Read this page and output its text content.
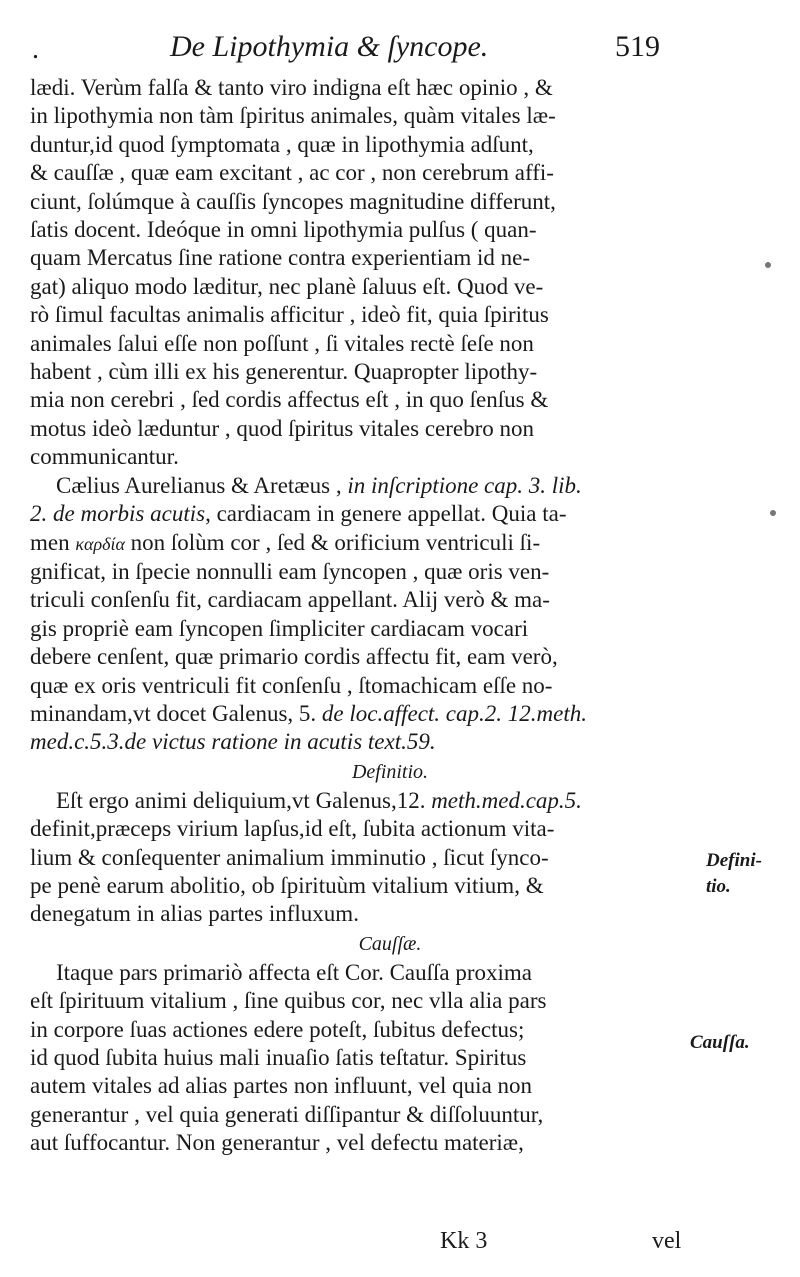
.	De Lipothymia & ſyncope.	519
lædi. Verùm falſa & tanto viro indigna eſt hæc opinio , &
in lipothymia non tàm ſpiritus animales, quàm vitales læ-
duntur,id quod ſymptomata , quæ in lipothymia adſunt,
& cauſſæ , quæ eam excitant , ac cor , non cerebrum affi-
ciunt, ſolúmque à cauſſis ſyncopes magnitudine differunt,
ſatis docent. Ideóque in omni lipothymia pulſus ( quan-
quam Mercatus ſine ratione contra experientiam id ne-
gat) aliquo modo læditur, nec planè ſaluus eſt. Quod ve-
rò ſimul facultas animalis afficitur , ideò fit, quia ſpiritus
animales ſalui eſſe non poſſunt , ſi vitales rectè ſeſe non
habent , cùm illi ex his generentur. Quapropter lipothy-
mia non cerebri , ſed cordis affectus eſt , in quo ſenſus &
motus ideò læduntur , quod ſpiritus vitales cerebro non
communicantur.
Cælius Aurelianus & Aretæus , in inſcriptione cap. 3. lib.
2. de morbis acutis, cardiacam in genere appellat. Quia ta-
men καρδία non ſolùm cor , ſed & orificium ventriculi ſi-
gnificat, in ſpecie nonnulli eam ſyncopen , quæ oris ven-
triculi conſenſu fit, cardiacam appellant. Alij verò & ma-
gis propriè eam ſyncopen ſimpliciter cardiacam vocari
debere cenſent, quæ primario cordis affectu fit, eam verò,
quæ ex oris ventriculi fit conſenſu , ſtomachicam eſſe no-
minandam,vt docet Galenus, 5. de loc.affect. cap.2. 12.meth.
med.c.5.3.de victus ratione in acutis text.59.
Definitio.
Eſt ergo animi deliquium,vt Galenus,12. meth.med.cap.5.
definit,præceps virium lapſus,id eſt, ſubita actionum vita-
lium & conſequenter animalium imminutio , ſicut ſynco-
pe penè earum abolitio, ob ſpirituùm vitalium vitium, &
denegatum in alias partes influxum.
Cauſſæ.
Itaque pars primariò affecta eſt Cor. Cauſſa proxima
eſt ſpirituum vitalium , ſine quibus cor, nec vlla alia pars
in corpore ſuas actiones edere poteſt, ſubitus defectus;
id quod ſubita huius mali inuaſio ſatis teſtatur. Spiritus
autem vitales ad alias partes non influunt, vel quia non
generantur , vel quia generati diſſipantur & diſſoluuntur,
aut ſuffocantur. Non generantur , vel defectu materiæ,
Defini-
tio.
Cauſſa.
Kk 3	vel
